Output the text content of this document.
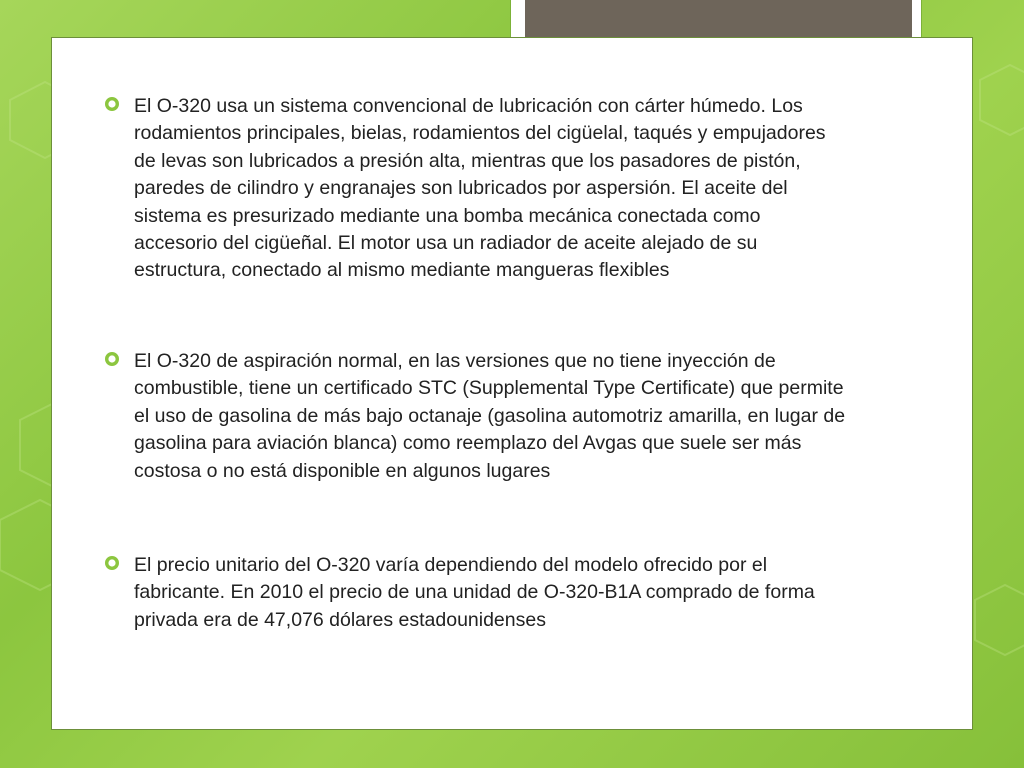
El O-320 usa un sistema convencional de lubricación con cárter húmedo. Los rodamientos principales, bielas, rodamientos del cigüelal, taqués y empujadores de levas son lubricados a presión alta, mientras que los pasadores de pistón, paredes de cilindro y engranajes son lubricados por aspersión. El aceite del sistema es presurizado mediante una bomba mecánica conectada como accesorio del cigüeñal. El motor usa un radiador de aceite alejado de su estructura, conectado al mismo mediante mangueras flexibles
El O-320 de aspiración normal, en las versiones que no tiene inyección de combustible, tiene un certificado STC (Supplemental Type Certificate) que permite el uso de gasolina de más bajo octanaje (gasolina automotriz amarilla, en lugar de gasolina para aviación blanca) como reemplazo del Avgas que suele ser más costosa o no está disponible en algunos lugares
El precio unitario del O-320 varía dependiendo del modelo ofrecido por el fabricante. En 2010 el precio de una unidad de O-320-B1A comprado de forma privada era de 47,076 dólares estadounidenses
